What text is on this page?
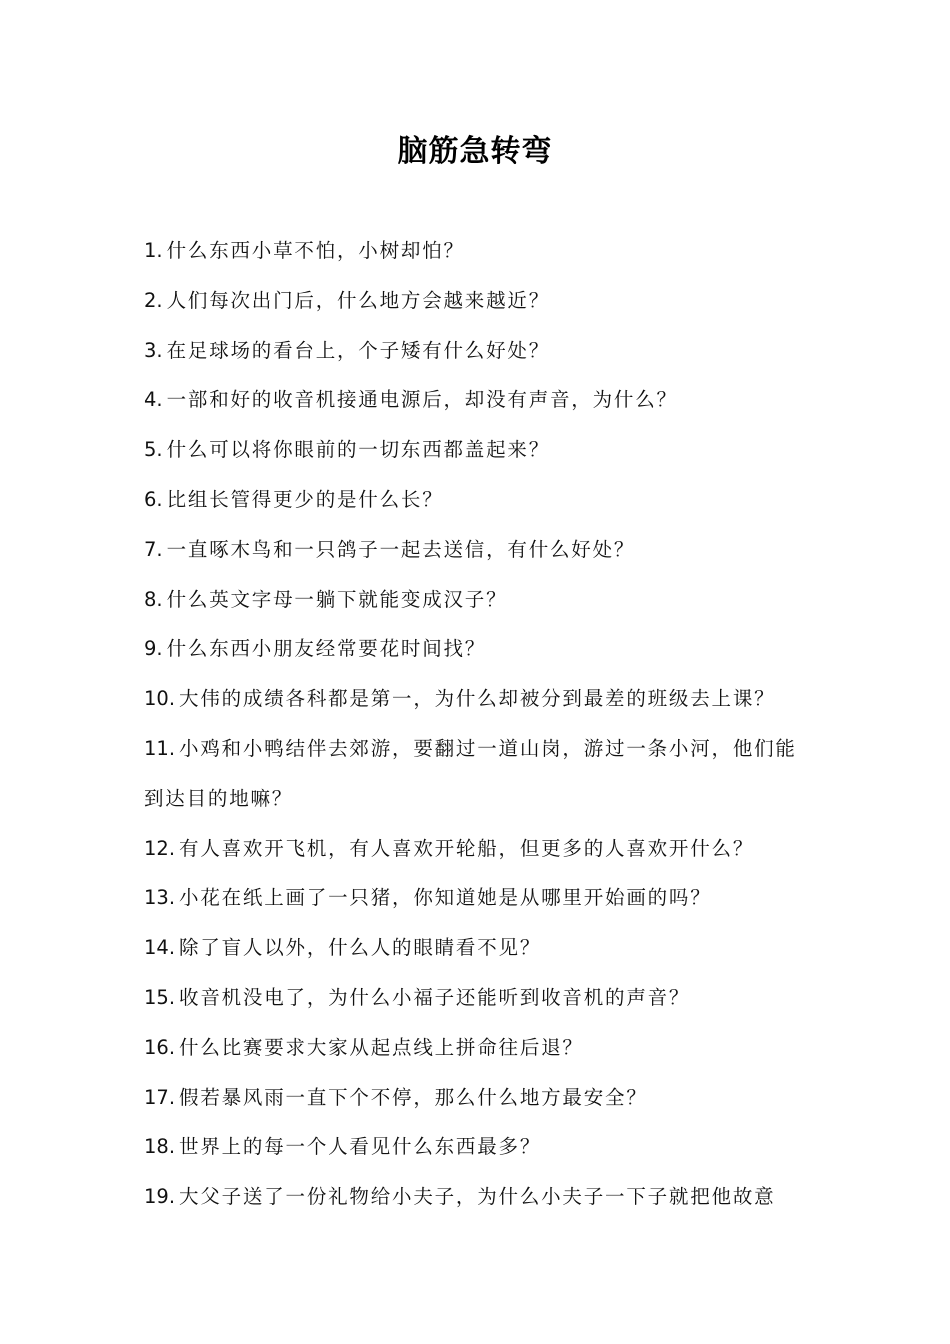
脑筋急转弯
1. 什么东西小草不怕，小树却怕？
2. 人们每次出门后，什么地方会越来越近？
3. 在足球场的看台上，个子矮有什么好处？
4. 一部和好的收音机接通电源后，却没有声音，为什么？
5. 什么可以将你眼前的一切东西都盖起来？
6. 比组长管得更少的是什么长？
7. 一直啄木鸟和一只鸽子一起去送信，有什么好处？
8. 什么英文字母一躺下就能变成汉子？
9. 什么东西小朋友经常要花时间找？
10. 大伟的成绩各科都是第一，为什么却被分到最差的班级去上课？
11. 小鸡和小鸭结伴去郊游，要翻过一道山岗，游过一条小河，他们能到达目的地嘛？
12. 有人喜欢开飞机，有人喜欢开轮船，但更多的人喜欢开什么？
13. 小花在纸上画了一只猪，你知道她是从哪里开始画的吗？
14. 除了盲人以外，什么人的眼睛看不见？
15. 收音机没电了，为什么小福子还能听到收音机的声音？
16. 什么比赛要求大家从起点线上拼命往后退？
17. 假若暴风雨一直下个不停，那么什么地方最安全？
18. 世界上的每一个人看见什么东西最多？
19. 大父子送了一份礼物给小夫子，为什么小夫子一下子就把他故意
